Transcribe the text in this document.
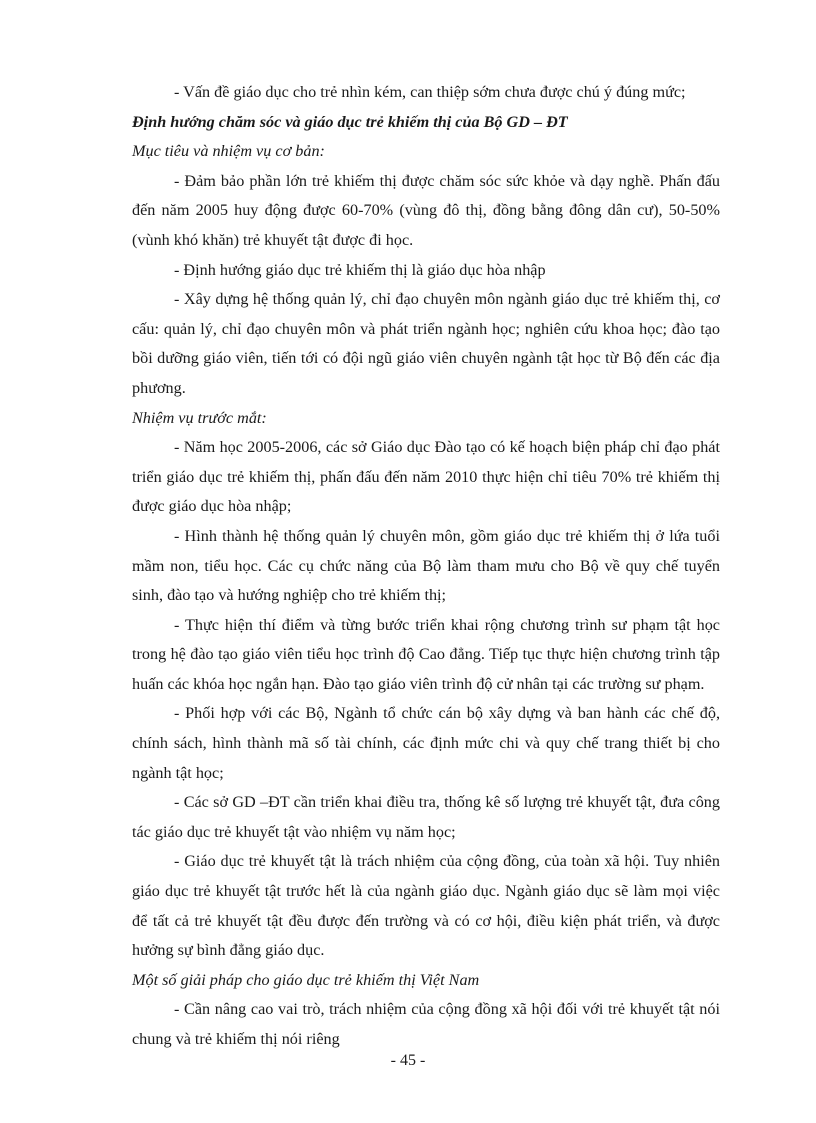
- Vấn đề giáo dục cho trẻ nhìn kém, can thiệp sớm chưa được chú ý đúng mức;

Định hướng chăm sóc và giáo dục trẻ khiếm thị của Bộ GD – ĐT

Mục tiêu và nhiệm vụ cơ bản:

- Đảm bảo phần lớn trẻ khiếm thị được chăm sóc sức khỏe và dạy nghề. Phấn đấu đến năm 2005 huy động được 60-70% (vùng đô thị, đồng bằng đông dân cư), 50-50% (vùnh khó khăn) trẻ khuyết tật được đi học.

- Định hướng giáo dục trẻ khiếm thị là giáo dục hòa nhập

- Xây dựng hệ thống quản lý, chỉ đạo chuyên môn ngành giáo dục trẻ khiếm thị, cơ cấu: quản lý, chỉ đạo chuyên môn và phát triển ngành học; nghiên cứu khoa học; đào tạo bồi dưỡng giáo viên, tiến tới có đội ngũ giáo viên chuyên ngành tật học từ Bộ đến các địa phương.

Nhiệm vụ trước mắt:

- Năm học 2005-2006, các sở Giáo dục Đào tạo có kế hoạch biện pháp chỉ đạo phát triển giáo dục trẻ khiếm thị, phấn đấu đến năm 2010 thực hiện chỉ tiêu 70% trẻ khiếm thị được giáo dục hòa nhập;

- Hình thành hệ thống quản lý chuyên môn, gồm giáo dục trẻ khiếm thị ở lứa tuổi mầm non, tiểu học. Các cụ chức năng của Bộ làm tham mưu cho Bộ về quy chế tuyển sinh, đào tạo và hướng nghiệp cho trẻ khiếm thị;

- Thực hiện thí điểm và từng bước triển khai rộng chương trình sư phạm tật học trong hệ đào tạo giáo viên tiểu học trình độ Cao đẳng. Tiếp tục thực hiện chương trình tập huấn các khóa học ngắn hạn. Đào tạo giáo viên trình độ cử nhân tại các trường sư phạm.

- Phối hợp với các Bộ, Ngành tổ chức cán bộ xây dựng và ban hành các chế độ, chính sách, hình thành mã số tài chính, các định mức chi và quy chế trang thiết bị cho ngành tật học;

- Các sở GD –ĐT cần triển khai điều tra, thống kê số lượng trẻ khuyết tật, đưa công tác giáo dục trẻ khuyết tật vào nhiệm vụ năm học;

- Giáo dục trẻ khuyết tật là trách nhiệm của cộng đồng, của toàn xã hội. Tuy nhiên giáo dục trẻ khuyết tật trước hết là của ngành giáo dục. Ngành giáo dục sẽ làm mọi việc để tất cả trẻ khuyết tật đều được đến trường và có cơ hội, điều kiện phát triển, và được hưởng sự bình đẳng giáo dục.

Một số giải pháp cho giáo dục trẻ khiếm thị Việt Nam

- Cần nâng cao vai trò, trách nhiệm của cộng đồng xã hội đối với trẻ khuyết tật nói chung và trẻ khiếm thị nói riêng

- 45 -
